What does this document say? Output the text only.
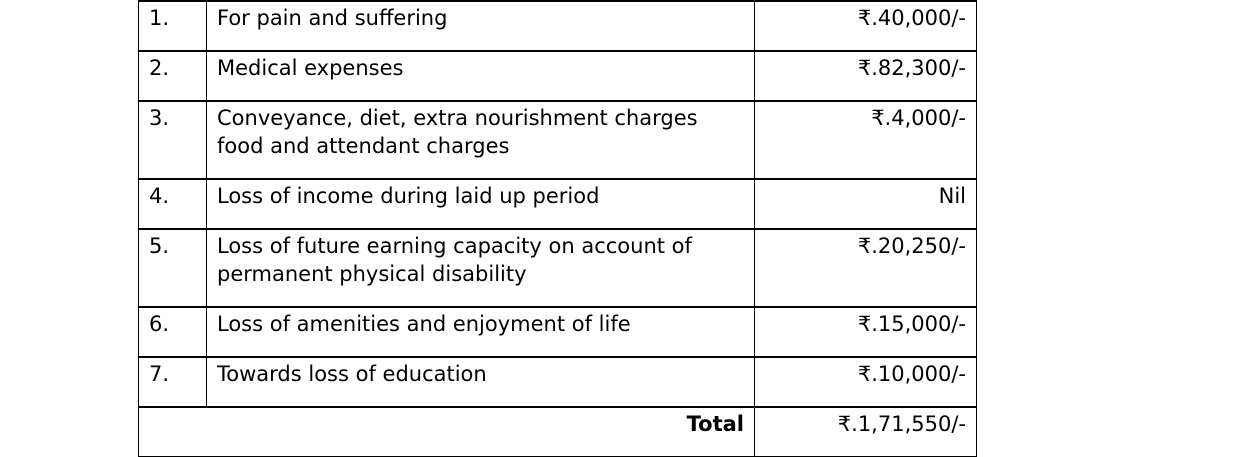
1.	For pain and suffering	₹.40,000/-
2.	Medical expenses	₹.82,300/-
3.	Conveyance, diet, extra nourishment charges food and attendant charges	₹.4,000/-
4.	Loss of income during laid up period	Nil
5.	Loss of future earning capacity on account of permanent physical disability	₹.20,250/-
6.	Loss of amenities and enjoyment of life	₹.15,000/-
7.	Towards loss of education	₹.10,000/-
Total		₹.1,71,550/-
